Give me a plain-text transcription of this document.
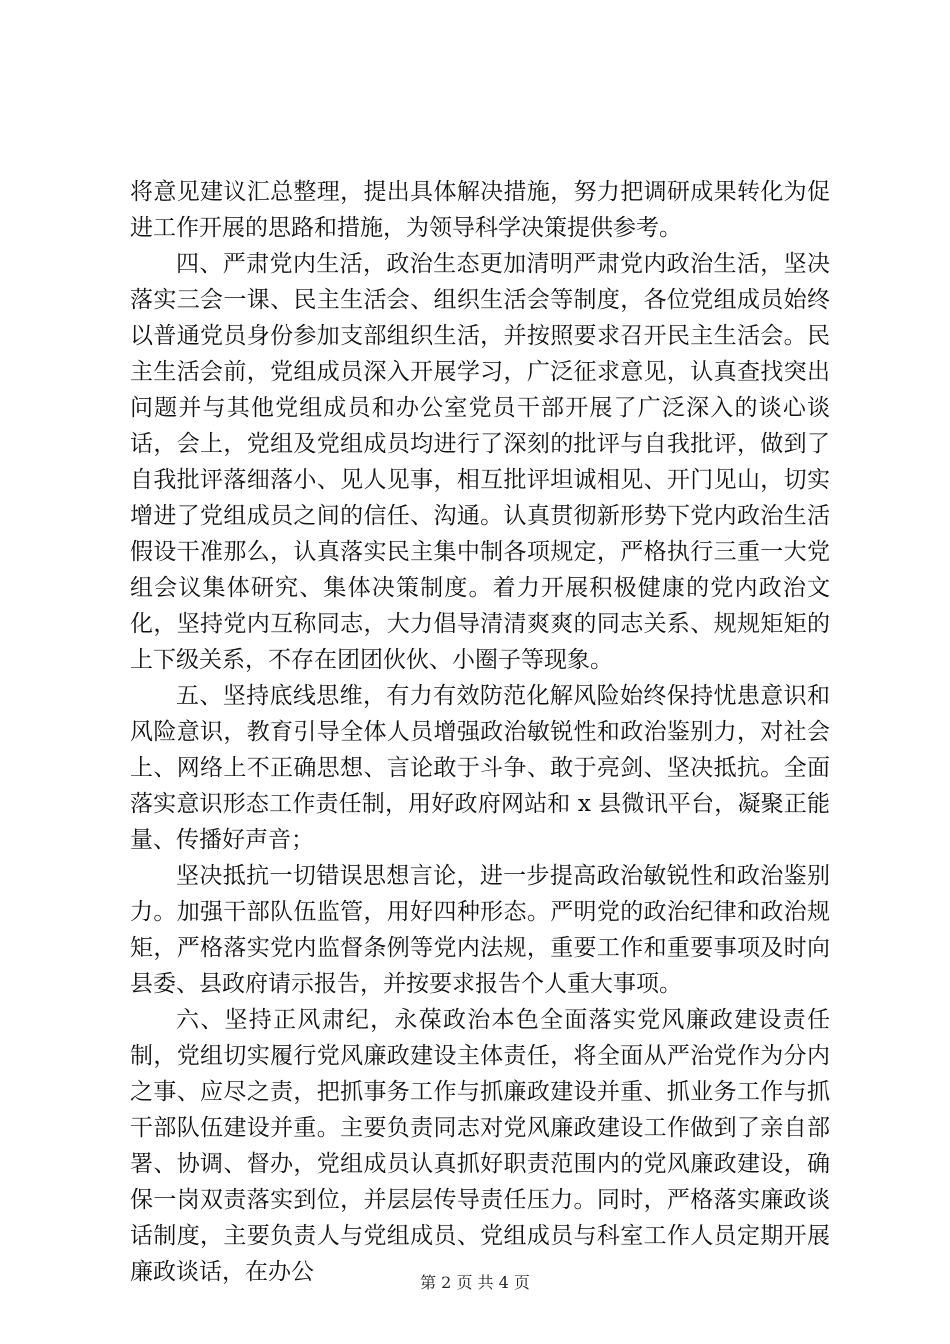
将意见建议汇总整理，提出具体解决措施，努力把调研成果转化为促进工作开展的思路和措施，为领导科学决策提供参考。

四、严肃党内生活，政治生态更加清明严肃党内政治生活，坚决落实三会一课、民主生活会、组织生活会等制度，各位党组成员始终以普通党员身份参加支部组织生活，并按照要求召开民主生活会。民主生活会前，党组成员深入开展学习，广泛征求意见，认真查找突出问题并与其他党组成员和办公室党员干部开展了广泛深入的谈心谈话，会上，党组及党组成员均进行了深刻的批评与自我批评，做到了自我批评落细落小、见人见事，相互批评坦诚相见、开门见山，切实增进了党组成员之间的信任、沟通。认真贯彻新形势下党内政治生活假设干准那么，认真落实民主集中制各项规定，严格执行三重一大党组会议集体研究、集体决策制度。着力开展积极健康的党内政治文化，坚持党内互称同志，大力倡导清清爽爽的同志关系、规规矩矩的上下级关系，不存在团团伙伙、小圈子等现象。

五、坚持底线思维，有力有效防范化解风险始终保持忧患意识和风险意识，教育引导全体人员增强政治敏锐性和政治鉴别力，对社会上、网络上不正确思想、言论敢于斗争、敢于亮剑、坚决抵抗。全面落实意识形态工作责任制，用好政府网站和 x 县微讯平台，凝聚正能量、传播好声音；

坚决抵抗一切错误思想言论，进一步提高政治敏锐性和政治鉴别力。加强干部队伍监管，用好四种形态。严明党的政治纪律和政治规矩，严格落实党内监督条例等党内法规，重要工作和重要事项及时向县委、县政府请示报告，并按要求报告个人重大事项。

六、坚持正风肃纪，永葆政治本色全面落实党风廉政建设责任制，党组切实履行党风廉政建设主体责任，将全面从严治党作为分内之事、应尽之责，把抓事务工作与抓廉政建设并重、抓业务工作与抓干部队伍建设并重。主要负责同志对党风廉政建设工作做到了亲自部署、协调、督办，党组成员认真抓好职责范围内的党风廉政建设，确保一岗双责落实到位，并层层传导责任压力。同时，严格落实廉政谈话制度，主要负责人与党组成员、党组成员与科室工作人员定期开展廉政谈话，在办公	第 2 页 共 4 页
